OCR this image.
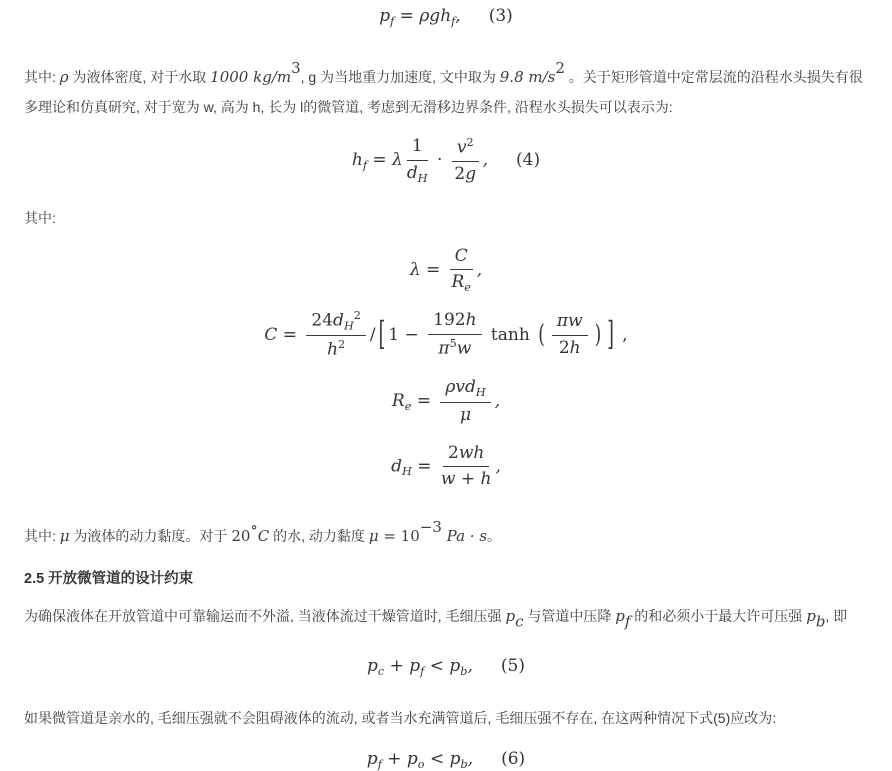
$p_f = \rho gh_f$, (3)
其中: ρ 为液体密度, 对于水取 1000 kg/m3, g 为当地重力加速度, 文中取为 9.8 m/s2 。关于矩形管道中定常层流的沿程水头损失有很多理论和仿真研究, 对于宽为 w, 高为 h, 长为 l的微管道, 考虑到无滑移边界条件, 沿程水头损失可以表示为:
$h_f = \lambda \frac{1}{d_H} \cdot \frac{v^2}{2g}$ , (4)
其中:
$\lambda = \frac{C}{R_e}$ ,
$C = \frac{24d_H^2}{h^2}$ / [ $1 - \frac{192h}{\pi^5w}$ tanh ( $\frac{\pi w}{2h}$ ) ] ,
$R_e = \frac{\rho vd_H}{\mu}$ ,
$d_H = \frac{2wh}{w + h}$ ,
其中: μ 为液体的动力黏度。对于 20∘C 的水, 动力黏度 μ = 10−3 Pa · s。
2.5 开放微管道的设计约束
为确保液体在开放管道中可靠输运而不外溢, 当液体流过干燥管道时, 毛细压强 pc 与管道中压降 pf 的和必须小于最大许可压强 pb, 即
$p_c + p_f < p_b$, (5)
如果微管道是亲水的, 毛细压强就不会阻碍液体的流动, 或者当水充满管道后, 毛细压强不存在, 在这两种情况下式(5)应改为:
$p_f + p_o < p_b$, (6)
